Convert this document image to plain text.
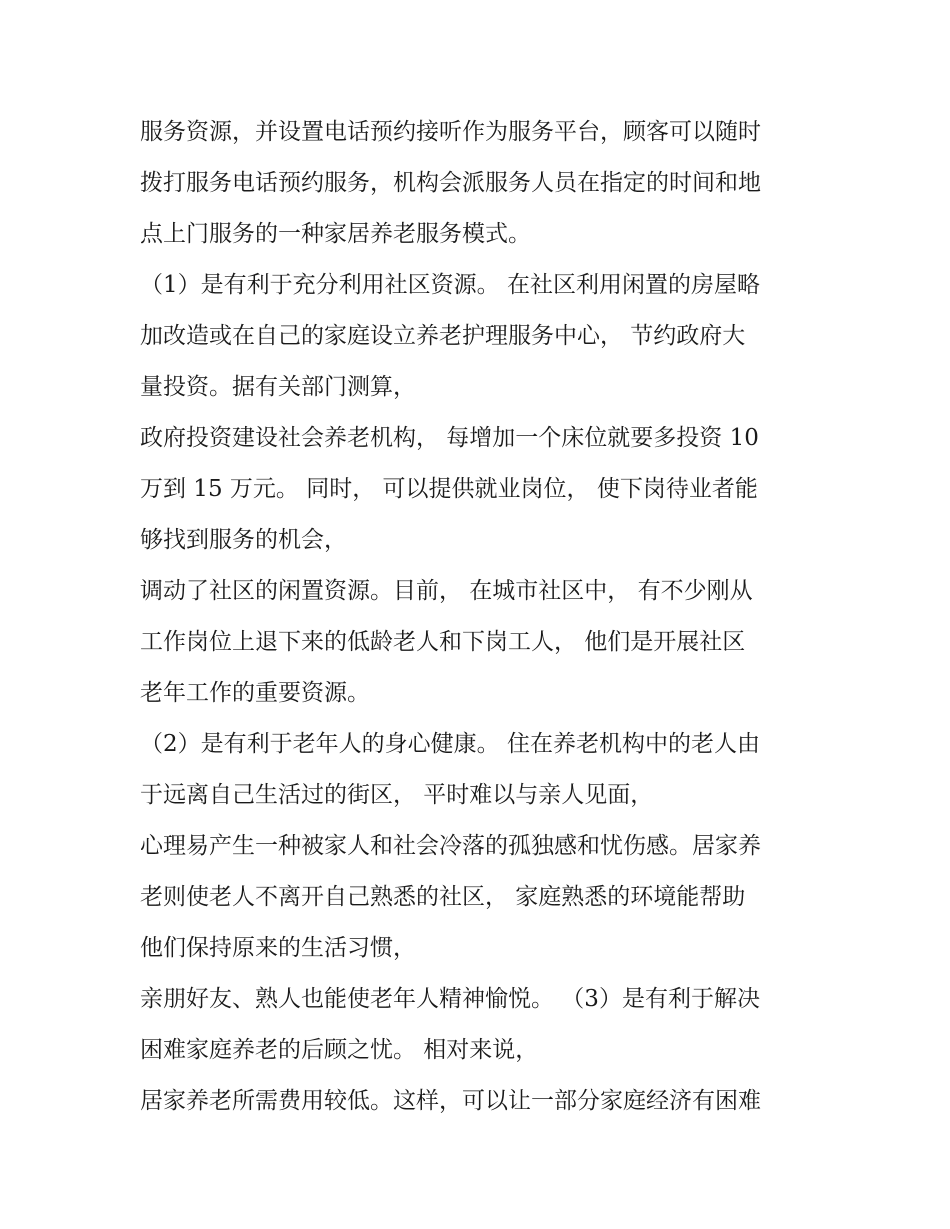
服务资源，并设置电话预约接听作为服务平台，顾客可以随时
拨打服务电话预约服务，机构会派服务人员在指定的时间和地
点上门服务的一种家居养老服务模式。
（1）是有利于充分利用社区资源。 在社区利用闲置的房屋略
加改造或在自己的家庭设立养老护理服务中心， 节约政府大
量投资。据有关部门测算，
政府投资建设社会养老机构， 每增加一个床位就要多投资 10
万到 15 万元。 同时， 可以提供就业岗位， 使下岗待业者能
够找到服务的机会，
调动了社区的闲置资源。目前， 在城市社区中， 有不少刚从
工作岗位上退下来的低龄老人和下岗工人， 他们是开展社区
老年工作的重要资源。
（2）是有利于老年人的身心健康。 住在养老机构中的老人由
于远离自己生活过的街区， 平时难以与亲人见面，
心理易产生一种被家人和社会冷落的孤独感和忧伤感。居家养
老则使老人不离开自己熟悉的社区， 家庭熟悉的环境能帮助
他们保持原来的生活习惯，
亲朋好友、熟人也能使老年人精神愉悦。 （3）是有利于解决
困难家庭养老的后顾之忧。 相对来说，
居家养老所需费用较低。这样，可以让一部分家庭经济有困难
